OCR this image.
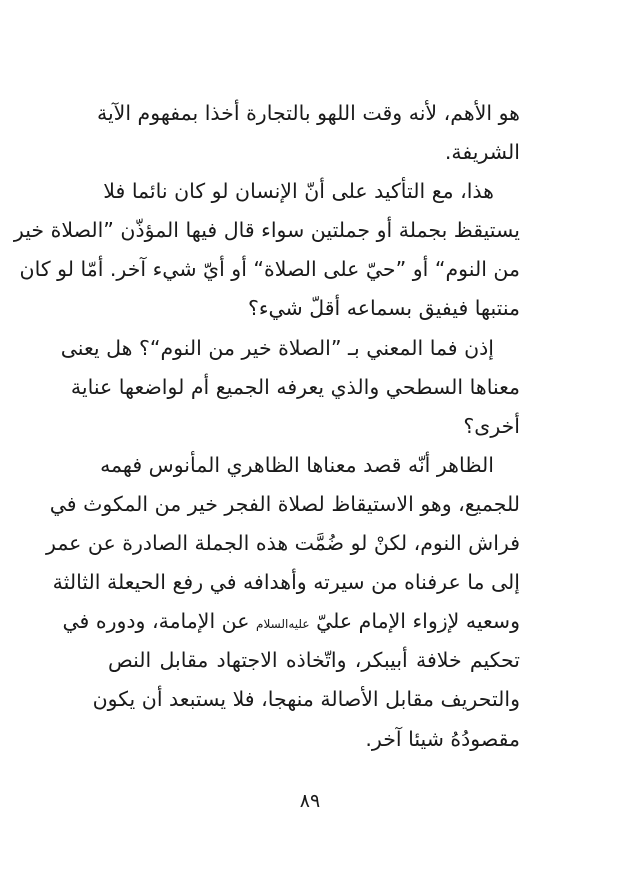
هو الأهم، لأنه وقت اللهو بالتجارة أخذا بمفهوم الآية
الشريفة.
هذا، مع التأكيد على أنّ الإنسان لو كان نائما فلا
يستيقظ بجملة أو جملتين سواء قال فيها المؤذّن ”الصلاة خير
من النوم“ أو ”حيّ على الصلاة“ أو أيّ شيء آخر. أمّا لو كان
منتبها فيفيق بسماعه أقلّ شيء؟
إذن فما المعني بـ ”الصلاة خير من النوم“؟ هل يعنى
معناها السطحي والذي يعرفه الجميع أم لواضعها عناية
أخرى؟
الظاهر أنّه قصد معناها الظاهري المأنوس فهمه
للجميع، وهو الاستيقاظ لصلاة الفجر خير من المكوث في
فراش النوم، لكنْ لو ضُمَّت هذه الجملة الصادرة عن عمر
إلى ما عرفناه من سيرته وأهدافه في رفع الحيعلة الثالثة
وسعيه لإزواء الإمام عليّ عليه‌السلام عن الإمامة، ودوره في
تحكيم خلافة أبيبكر، واتّخاذه الاجتهاد مقابل النص
والتحريف مقابل الأصالة منهجا، فلا يستبعد أن يكون
مقصودُهُ شيئا آخر.
٨٩
